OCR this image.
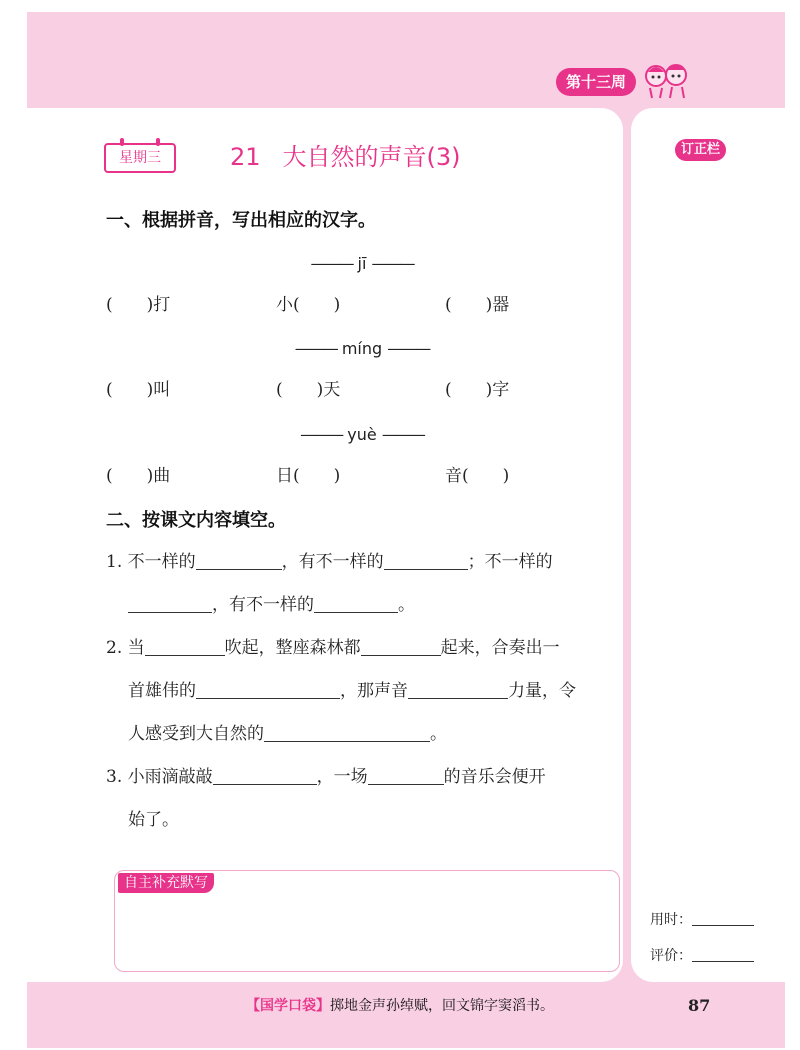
第十三周
星期三	21 大自然的声音(3)	订正栏
一、根据拼音，写出相应的汉字。
——— jī ———
(　　)打	小(　　)	(　　)器
——— míng ———
(　　)叫	(　　)天	(　　)字
——— yuè ———
(　　)曲	日(　　)	音(　　)
二、按课文内容填空。
1. 不一样的	，有不一样的	；不一样的
，有不一样的	。
2. 当	吹起，整座森林都	起来，合奏出一
首雄伟的	，那声音	力量，令
人感受到大自然的	。
3. 小雨滴敲敲	，一场	的音乐会便开
始了。
自主补充默写
用时：
评价：
【国学口袋】掷地金声孙绰赋，回文锦字窦滔书。	87
